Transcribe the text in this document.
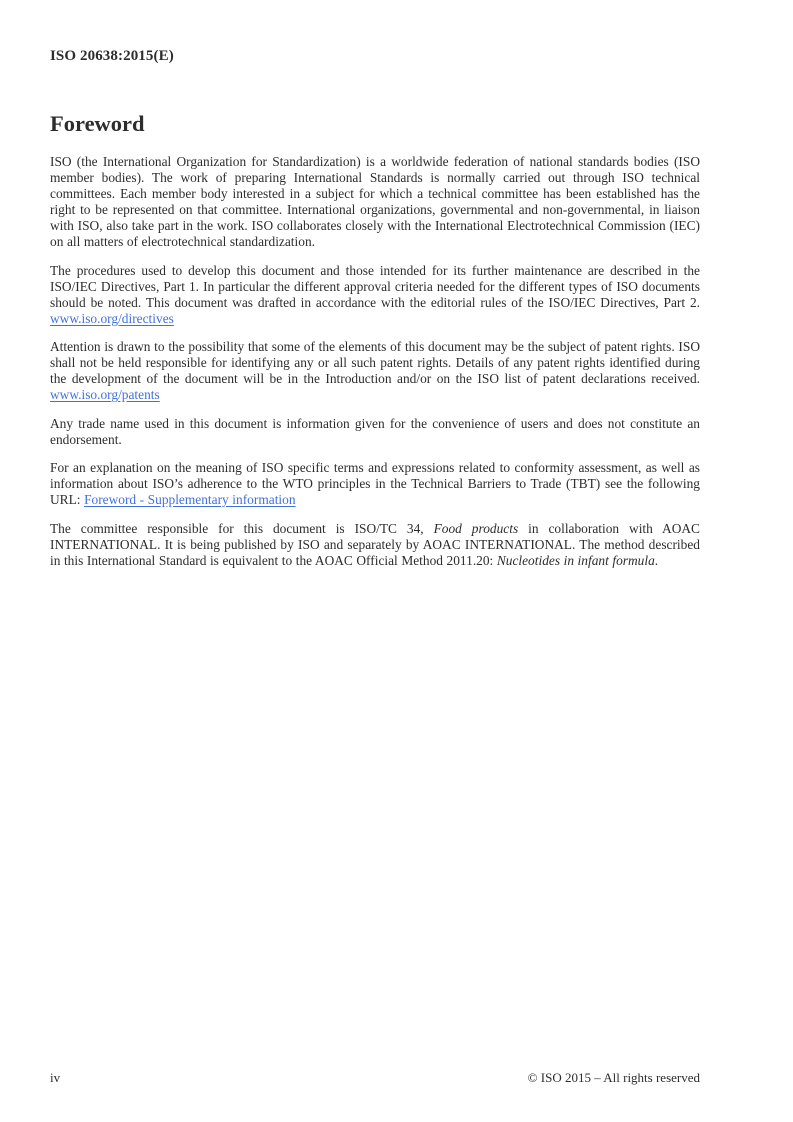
ISO 20638:2015(E)
Foreword

ISO (the International Organization for Standardization) is a worldwide federation of national standards bodies (ISO member bodies). The work of preparing International Standards is normally carried out through ISO technical committees. Each member body interested in a subject for which a technical committee has been established has the right to be represented on that committee. International organizations, governmental and non-governmental, in liaison with ISO, also take part in the work. ISO collaborates closely with the International Electrotechnical Commission (IEC) on all matters of electrotechnical standardization.

The procedures used to develop this document and those intended for its further maintenance are described in the ISO/IEC Directives, Part 1. In particular the different approval criteria needed for the different types of ISO documents should be noted. This document was drafted in accordance with the editorial rules of the ISO/IEC Directives, Part 2. www.iso.org/directives

Attention is drawn to the possibility that some of the elements of this document may be the subject of patent rights. ISO shall not be held responsible for identifying any or all such patent rights. Details of any patent rights identified during the development of the document will be in the Introduction and/or on the ISO list of patent declarations received. www.iso.org/patents

Any trade name used in this document is information given for the convenience of users and does not constitute an endorsement.

For an explanation on the meaning of ISO specific terms and expressions related to conformity assessment, as well as information about ISO’s adherence to the WTO principles in the Technical Barriers to Trade (TBT) see the following URL: Foreword - Supplementary information

The committee responsible for this document is ISO/TC 34, Food products in collaboration with AOAC INTERNATIONAL. It is being published by ISO and separately by AOAC INTERNATIONAL. The method described in this International Standard is equivalent to the AOAC Official Method 2011.20: Nucleotides in infant formula.

iv	© ISO 2015 – All rights reserved
